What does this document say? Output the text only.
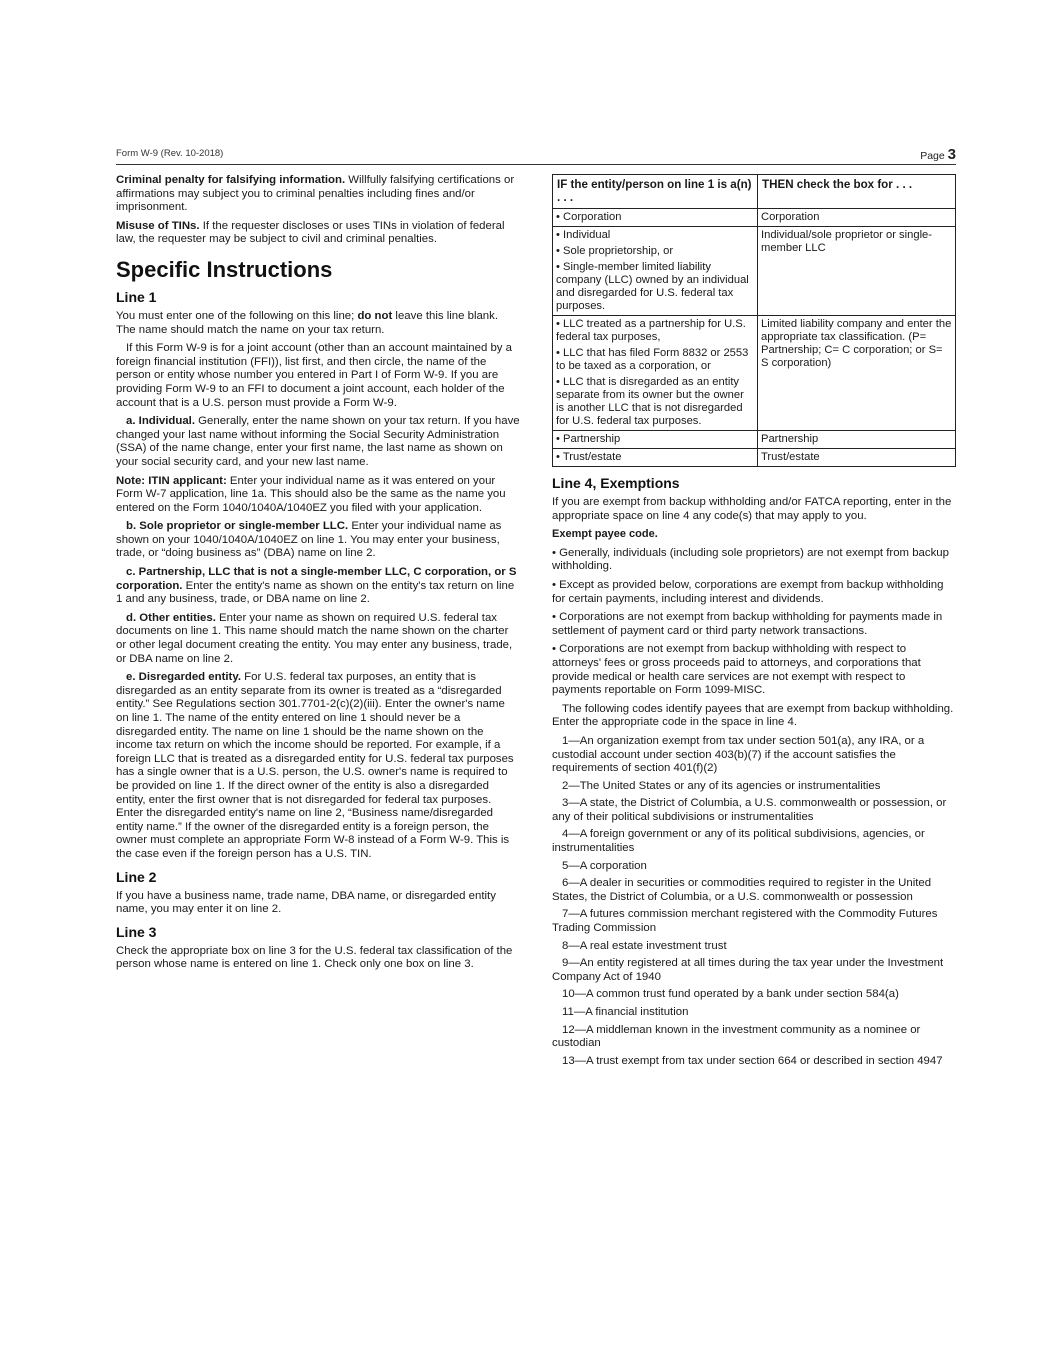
Form W-9 (Rev. 10-2018)	Page 3

Criminal penalty for falsifying information. Willfully falsifying certifications or affirmations may subject you to criminal penalties including fines and/or imprisonment.

Misuse of TINs. If the requester discloses or uses TINs in violation of federal law, the requester may be subject to civil and criminal penalties.

Specific Instructions
Line 1

You must enter one of the following on this line; do not leave this line blank. The name should match the name on your tax return.

If this Form W-9 is for a joint account (other than an account maintained by a foreign financial institution (FFI)), list first, and then circle, the name of the person or entity whose number you entered in Part I of Form W-9. If you are providing Form W-9 to an FFI to document a joint account, each holder of the account that is a U.S. person must provide a Form W-9.

a. Individual. Generally, enter the name shown on your tax return. If you have changed your last name without informing the Social Security Administration (SSA) of the name change, enter your first name, the last name as shown on your social security card, and your new last name.

Note: ITIN applicant: Enter your individual name as it was entered on your Form W-7 application, line 1a. This should also be the same as the name you entered on the Form 1040/1040A/1040EZ you filed with your application.

b. Sole proprietor or single-member LLC. Enter your individual name as shown on your 1040/1040A/1040EZ on line 1. You may enter your business, trade, or “doing business as” (DBA) name on line 2.

c. Partnership, LLC that is not a single-member LLC, C corporation, or S corporation. Enter the entity's name as shown on the entity's tax return on line 1 and any business, trade, or DBA name on line 2.

d. Other entities. Enter your name as shown on required U.S. federal tax documents on line 1. This name should match the name shown on the charter or other legal document creating the entity. You may enter any business, trade, or DBA name on line 2.

e. Disregarded entity. For U.S. federal tax purposes, an entity that is disregarded as an entity separate from its owner is treated as a “disregarded entity.” See Regulations section 301.7701-2(c)(2)(iii). Enter the owner's name on line 1. The name of the entity entered on line 1 should never be a disregarded entity. The name on line 1 should be the name shown on the income tax return on which the income should be reported. For example, if a foreign LLC that is treated as a disregarded entity for U.S. federal tax purposes has a single owner that is a U.S. person, the U.S. owner's name is required to be provided on line 1. If the direct owner of the entity is also a disregarded entity, enter the first owner that is not disregarded for federal tax purposes. Enter the disregarded entity's name on line 2, “Business name/disregarded entity name.” If the owner of the disregarded entity is a foreign person, the owner must complete an appropriate Form W-8 instead of a Form W-9. This is the case even if the foreign person has a U.S. TIN.

Line 2

If you have a business name, trade name, DBA name, or disregarded entity name, you may enter it on line 2.

Line 3

Check the appropriate box on line 3 for the U.S. federal tax classification of the person whose name is entered on line 1. Check only one box on line 3.

IF the entity/person on line 1 is a(n) . . .	THEN check the box for . . .

• Corporation	Corporation

• Individual
• Sole proprietorship, or
• Single-member limited liability company (LLC) owned by an individual and disregarded for U.S. federal tax purposes.	Individual/sole proprietor or single-member LLC

• LLC treated as a partnership for U.S. federal tax purposes,
• LLC that has filed Form 8832 or 2553 to be taxed as a corporation, or
• LLC that is disregarded as an entity separate from its owner but the owner is another LLC that is not disregarded for U.S. federal tax purposes.	Limited liability company and enter the appropriate tax classification. (P= Partnership; C= C corporation; or S= S corporation)

• Partnership	Partnership

• Trust/estate	Trust/estate
Line 4, Exemptions

If you are exempt from backup withholding and/or FATCA reporting, enter in the appropriate space on line 4 any code(s) that may apply to you.

Exempt payee code.

• Generally, individuals (including sole proprietors) are not exempt from backup withholding.

• Except as provided below, corporations are exempt from backup withholding for certain payments, including interest and dividends.

• Corporations are not exempt from backup withholding for payments made in settlement of payment card or third party network transactions.

• Corporations are not exempt from backup withholding with respect to attorneys' fees or gross proceeds paid to attorneys, and corporations that provide medical or health care services are not exempt with respect to payments reportable on Form 1099-MISC.

The following codes identify payees that are exempt from backup withholding. Enter the appropriate code in the space in line 4.

1—An organization exempt from tax under section 501(a), any IRA, or a custodial account under section 403(b)(7) if the account satisfies the requirements of section 401(f)(2)

2—The United States or any of its agencies or instrumentalities

3—A state, the District of Columbia, a U.S. commonwealth or possession, or any of their political subdivisions or instrumentalities

4—A foreign government or any of its political subdivisions, agencies, or instrumentalities

5—A corporation

6—A dealer in securities or commodities required to register in the United States, the District of Columbia, or a U.S. commonwealth or possession

7—A futures commission merchant registered with the Commodity Futures Trading Commission

8—A real estate investment trust

9—An entity registered at all times during the tax year under the Investment Company Act of 1940

10—A common trust fund operated by a bank under section 584(a)

11—A financial institution

12—A middleman known in the investment community as a nominee or custodian

13—A trust exempt from tax under section 664 or described in section 4947
